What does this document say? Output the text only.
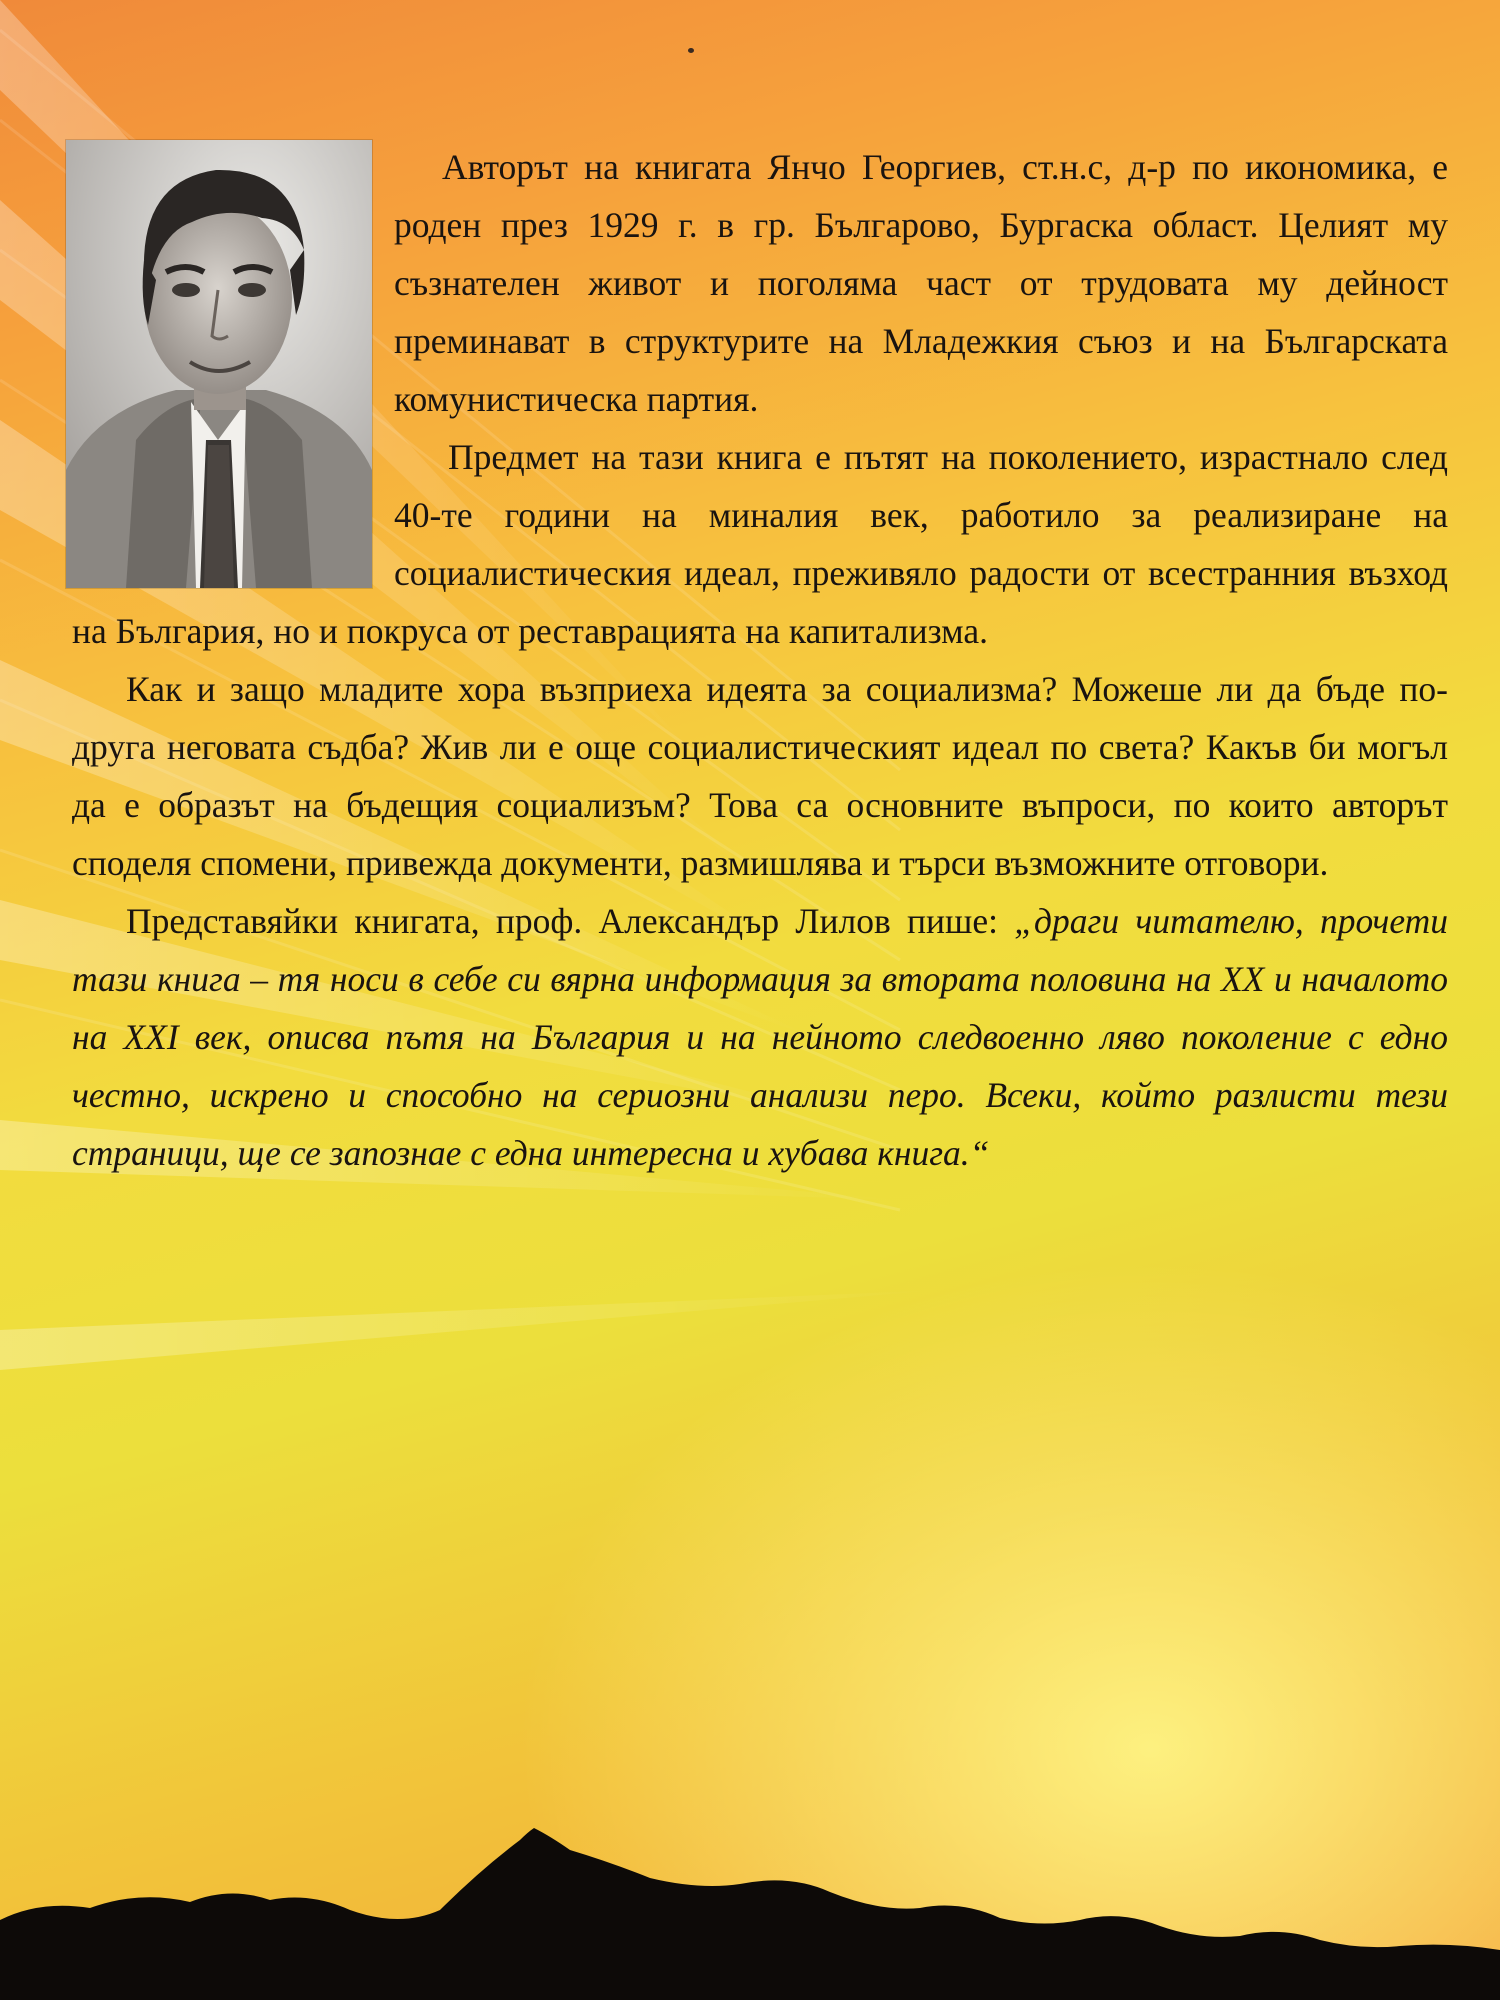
Авторът на книгата Янчо Георгиев, ст.н.с, д-р по икономика, е роден през 1929 г. в гр. Българово, Бургаска област. Целият му съзнателен живот и поголяма част от трудовата му дейност преминават в структурите на Младежкия съюз и на Българската комунистическа партия.

Предмет на тази книга е пътят на поколението, израстнало след 40-те години на миналия век, работило за реализиране на социалистическия идеал, преживяло радости от всестранния възход на България, но и покруса от реставрацията на капитализма.

Как и защо младите хора възприеха идеята за социализма? Можеше ли да бъде по-друга неговата съдба? Жив ли е още социалистическият идеал по света? Какъв би могъл да е образът на бъдещия социализъм? Това са основните въпроси, по които авторът споделя спомени, привежда документи, размишлява и търси възможните отговори.

Представяйки книгата, проф. Александър Лилов пише: „драги читателю, прочети тази книга – тя носи в себе си вярна информация за втората половина на XX и началото на XXI век, описва пътя на България и на нейното следвоенно ляво поколение с едно честно, искрено и способно на сериозни анализи перо. Всеки, който разлисти тези страници, ще се запознае с една интересна и хубава книга.“
